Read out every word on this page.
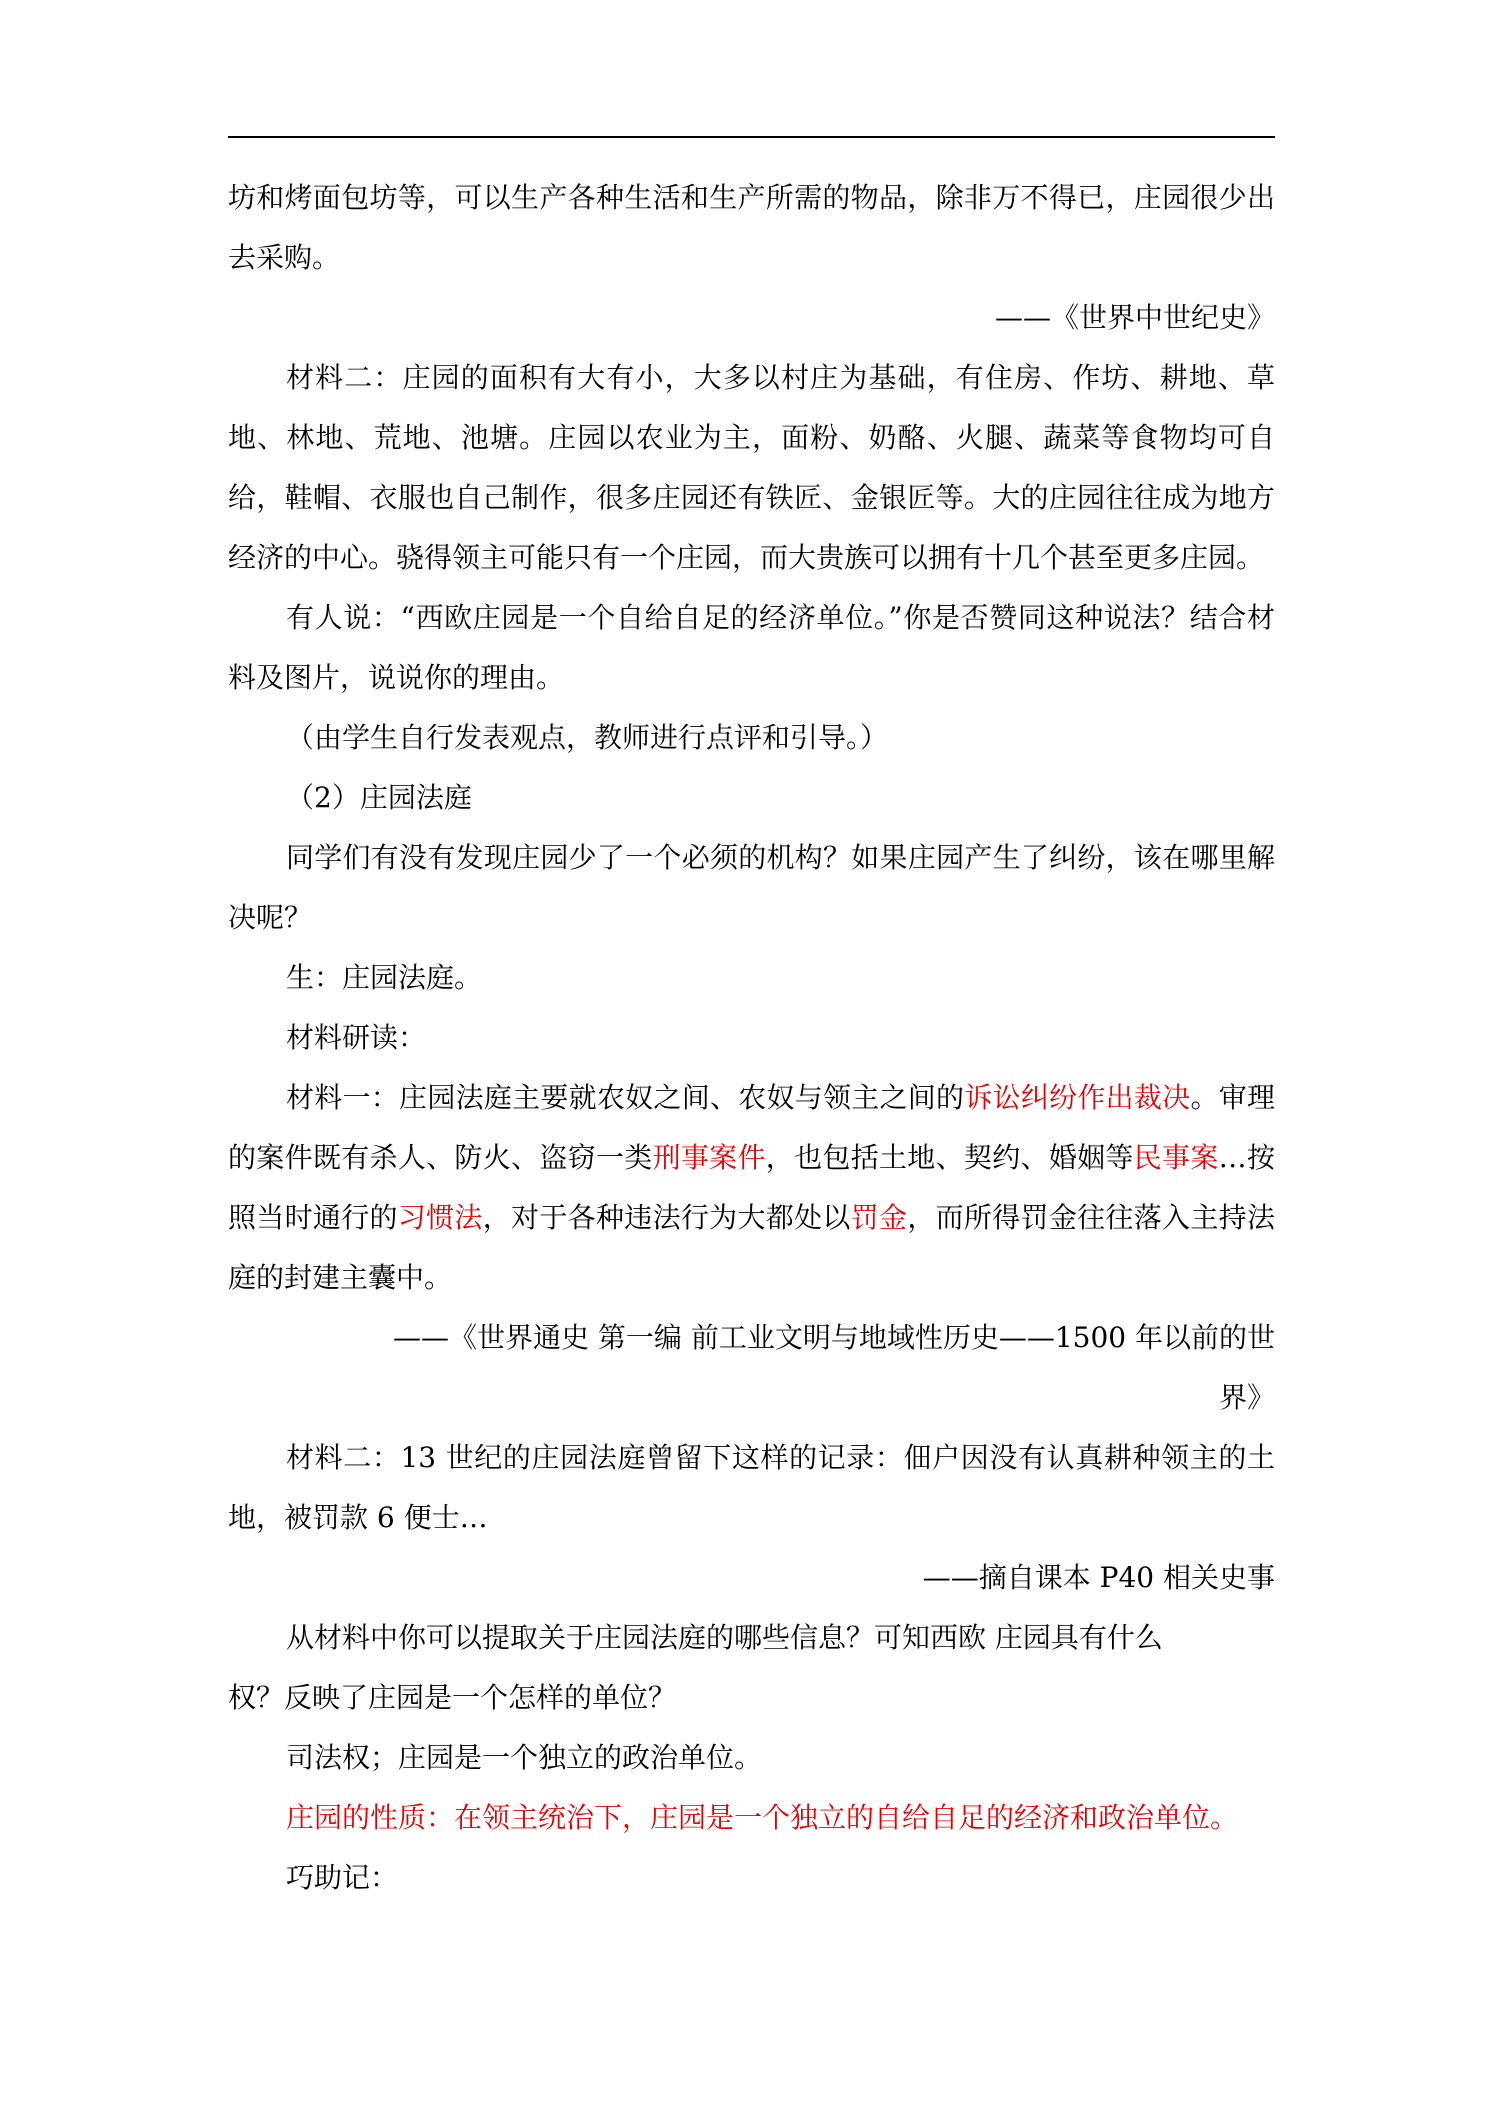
坊和烤面包坊等，可以生产各种生活和生产所需的物品，除非万不得已，庄园很少出去采购。

——《世界中世纪史》

材料二：庄园的面积有大有小，大多以村庄为基础，有住房、作坊、耕地、草地、林地、荒地、池塘。庄园以农业为主，面粉、奶酪、火腿、蔬菜等食物均可自给，鞋帽、衣服也自己制作，很多庄园还有铁匠、金银匠等。大的庄园往往成为地方经济的中心。骁得领主可能只有一个庄园，而大贵族可以拥有十几个甚至更多庄园。

有人说：“西欧庄园是一个自给自足的经济单位。”你是否赞同这种说法？结合材料及图片，说说你的理由。

（由学生自行发表观点，教师进行点评和引导。）

（2）庄园法庭

同学们有没有发现庄园少了一个必须的机构？如果庄园产生了纠纷，该在哪里解决呢？

生：庄园法庭。

材料研读：

材料一：庄园法庭主要就农奴之间、农奴与领主之间的诉讼纠纷作出裁决。审理的案件既有杀人、防火、盗窃一类刑事案件，也包括土地、契约、婚姻等民事案…按照当时通行的习惯法，对于各种违法行为大都处以罚金，而所得罚金往往落入主持法庭的封建主囊中。

——《世界通史 第一编 前工业文明与地域性历史——1500 年以前的世

界》

材料二：13 世纪的庄园法庭曾留下这样的记录：佃户因没有认真耕种领主的土地，被罚款 6 便士…

——摘自课本 P40 相关史事

从材料中你可以提取关于庄园法庭的哪些信息？可知西欧 庄园具有什么

权？反映了庄园是一个怎样的单位？

司法权；庄园是一个独立的政治单位。

庄园的性质：在领主统治下，庄园是一个独立的自给自足的经济和政治单位。

巧助记：
